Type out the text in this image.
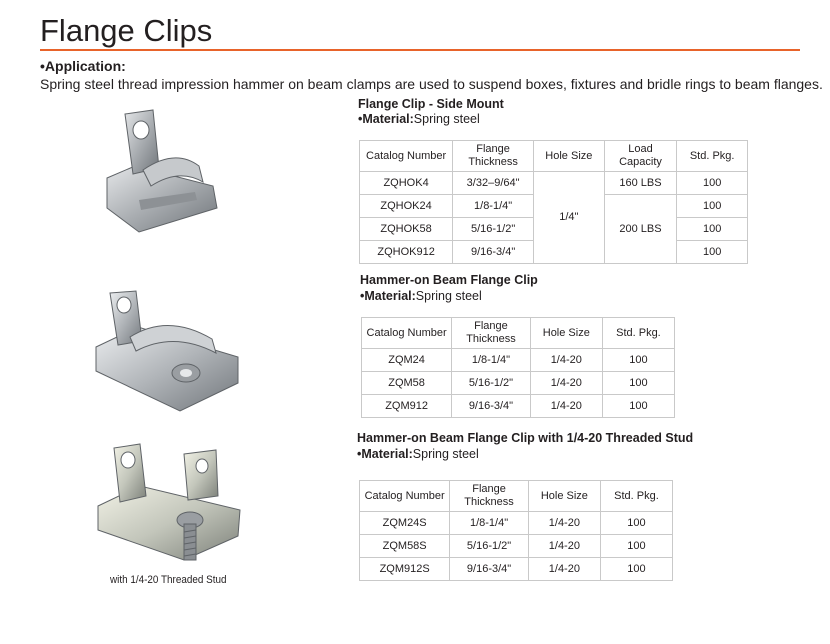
Flange Clips
•Application:
Spring steel thread impression hammer on beam clamps are used to suspend boxes, fixtures and bridle rings to beam flanges.
Flange Clip - Side Mount
•Material:Spring steel
Catalog Number	Flange Thickness	Hole Size	Load Capacity	Std. Pkg.
ZQHOK4	3/32–9/64"	1/4"	160 LBS	100
ZQHOK24	1/8-1/4"		200 LBS	100
ZQHOK58	5/16-1/2"			100
ZQHOK912	9/16-3/4"			100
Hammer-on Beam Flange Clip
•Material:Spring steel
Catalog Number	Flange Thickness	Hole Size	Std. Pkg.
ZQM24	1/8-1/4"	1/4-20	100
ZQM58	5/16-1/2"	1/4-20	100
ZQM912	9/16-3/4"	1/4-20	100
Hammer-on Beam Flange Clip with 1/4-20 Threaded Stud
•Material:Spring steel
Catalog Number	Flange Thickness	Hole Size	Std. Pkg.
ZQM24S	1/8-1/4"	1/4-20	100
ZQM58S	5/16-1/2"	1/4-20	100
ZQM912S	9/16-3/4"	1/4-20	100
with 1/4-20 Threaded Stud
